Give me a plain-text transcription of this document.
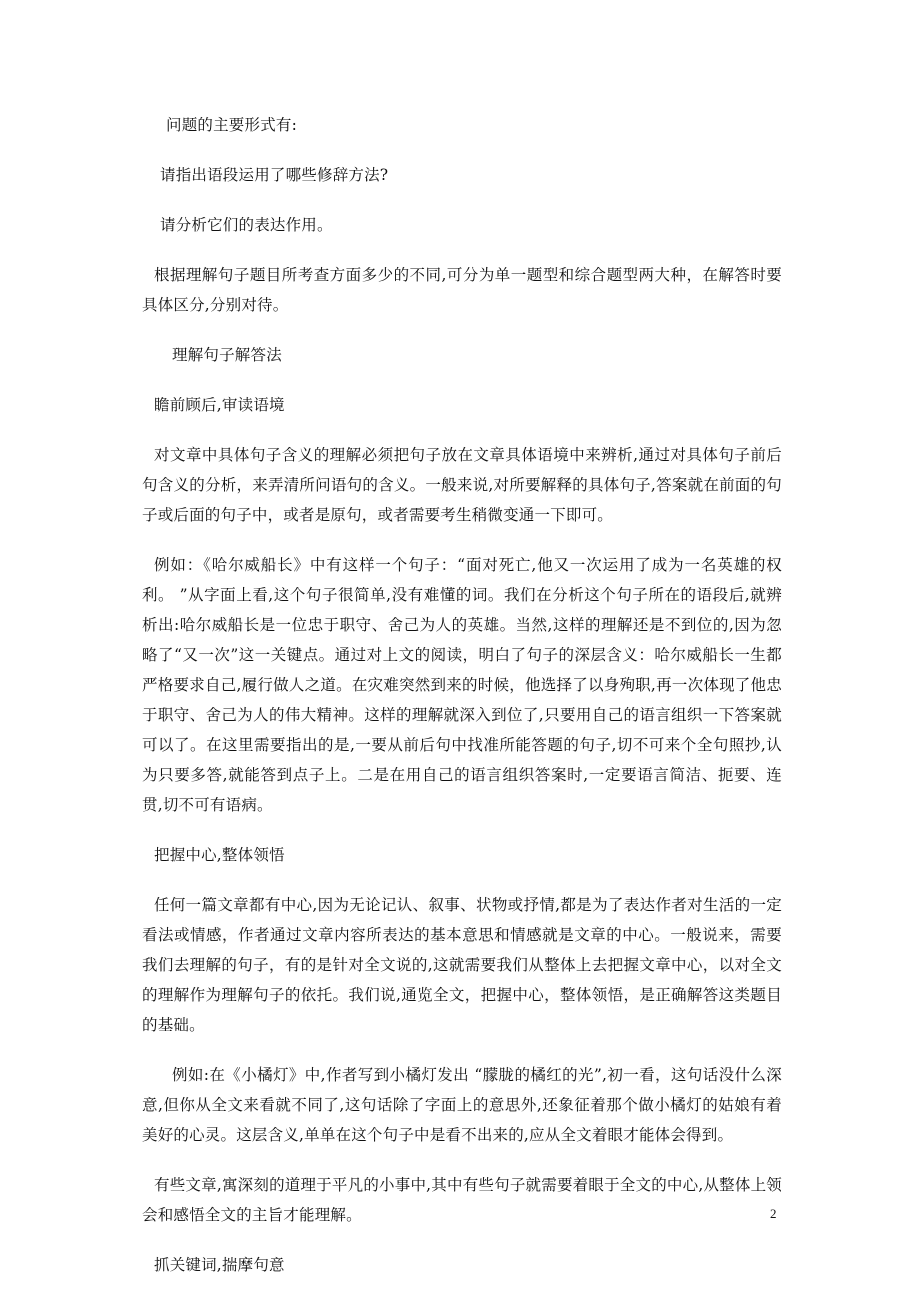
问题的主要形式有:

请指出语段运用了哪些修辞方法?

请分析它们的表达作用。

根据理解句子题目所考查方面多少的不同,可分为单一题型和综合题型两大种，在解答时要具体区分,分别对待。

理解句子解答法

瞻前顾后,审读语境

对文章中具体句子含义的理解必须把句子放在文章具体语境中来辨析,通过对具体句子前后句含义的分析，来弄清所问语句的含义。一般来说,对所要解释的具体句子,答案就在前面的句子或后面的句子中，或者是原句，或者需要考生稍微变通一下即可。

例如：《哈尔威船长》中有这样一个句子：“面对死亡,他又一次运用了成为一名英雄的权利。 ”从字面上看,这个句子很简单,没有难懂的词。我们在分析这个句子所在的语段后,就辨析出:哈尔威船长是一位忠于职守、舍己为人的英雄。当然,这样的理解还是不到位的,因为忽略了“又一次”这一关键点。通过对上文的阅读，明白了句子的深层含义：哈尔威船长一生都严格要求自己,履行做人之道。在灾难突然到来的时候，他选择了以身殉职,再一次体现了他忠于职守、舍己为人的伟大精神。这样的理解就深入到位了,只要用自己的语言组织一下答案就可以了。在这里需要指出的是,一要从前后句中找准所能答题的句子,切不可来个全句照抄,认为只要多答,就能答到点子上。二是在用自己的语言组织答案时,一定要语言简洁、扼要、连贯,切不可有语病。

把握中心,整体领悟

任何一篇文章都有中心,因为无论记认、叙事、状物或抒情,都是为了表达作者对生活的一定看法或情感，作者通过文章内容所表达的基本意思和情感就是文章的中心。一般说来，需要我们去理解的句子，有的是针对全文说的,这就需要我们从整体上去把握文章中心，以对全文的理解作为理解句子的依托。我们说,通览全文，把握中心，整体领悟，是正确解答这类题目的基础。

例如:在《小橘灯》中,作者写到小橘灯发出 “朦胧的橘红的光”,初一看，这句话没什么深意,但你从全文来看就不同了,这句话除了字面上的意思外,还象征着那个做小橘灯的姑娘有着美好的心灵。这层含义,单单在这个句子中是看不出来的,应从全文着眼才能体会得到。

有些文章,寓深刻的道理于平凡的小事中,其中有些句子就需要着眼于全文的中心,从整体上领会和感悟全文的主旨才能理解。

抓关键词,揣摩句意

2
